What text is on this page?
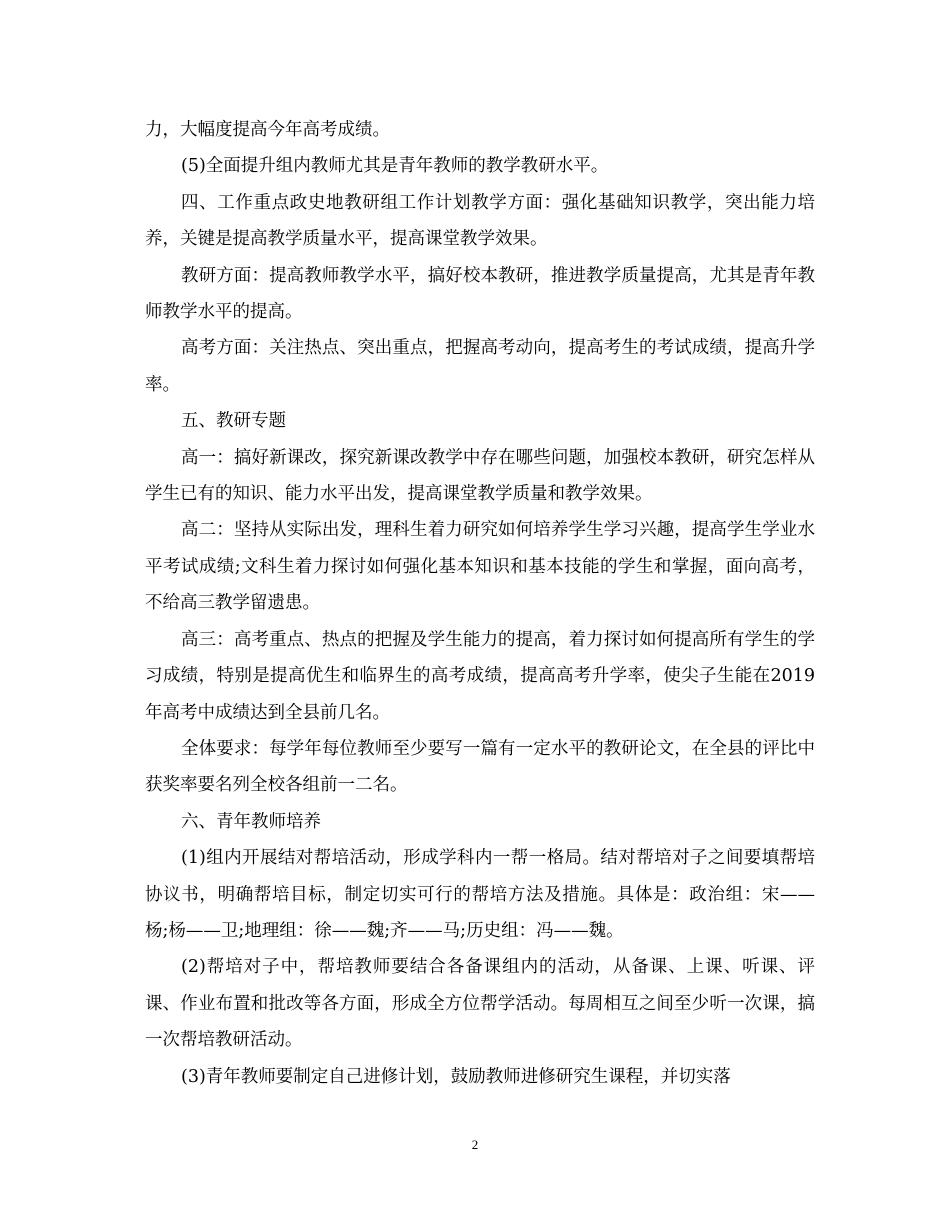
力，大幅度提高今年高考成绩。

(5)全面提升组内教师尤其是青年教师的教学教研水平。

四、工作重点政史地教研组工作计划教学方面：强化基础知识教学，突出能力培养，关键是提高教学质量水平，提高课堂教学效果。

教研方面：提高教师教学水平，搞好校本教研，推进教学质量提高，尤其是青年教师教学水平的提高。

高考方面：关注热点、突出重点，把握高考动向，提高考生的考试成绩，提高升学率。

五、教研专题

高一：搞好新课改，探究新课改教学中存在哪些问题，加强校本教研，研究怎样从学生已有的知识、能力水平出发，提高课堂教学质量和教学效果。

高二：坚持从实际出发，理科生着力研究如何培养学生学习兴趣，提高学生学业水平考试成绩;文科生着力探讨如何强化基本知识和基本技能的学生和掌握，面向高考，不给高三教学留遗患。

高三：高考重点、热点的把握及学生能力的提高，着力探讨如何提高所有学生的学习成绩，特别是提高优生和临界生的高考成绩，提高高考升学率，使尖子生能在2019年高考中成绩达到全县前几名。

全体要求：每学年每位教师至少要写一篇有一定水平的教研论文，在全县的评比中获奖率要名列全校各组前一二名。

六、青年教师培养

(1)组内开展结对帮培活动，形成学科内一帮一格局。结对帮培对子之间要填帮培协议书，明确帮培目标，制定切实可行的帮培方法及措施。具体是：政治组：宋——杨;杨——卫;地理组：徐——魏;齐——马;历史组：冯——魏。

(2)帮培对子中，帮培教师要结合各备课组内的活动，从备课、上课、听课、评课、作业布置和批改等各方面，形成全方位帮学活动。每周相互之间至少听一次课，搞一次帮培教研活动。

(3)青年教师要制定自己进修计划，鼓励教师进修研究生课程，并切实落

2
